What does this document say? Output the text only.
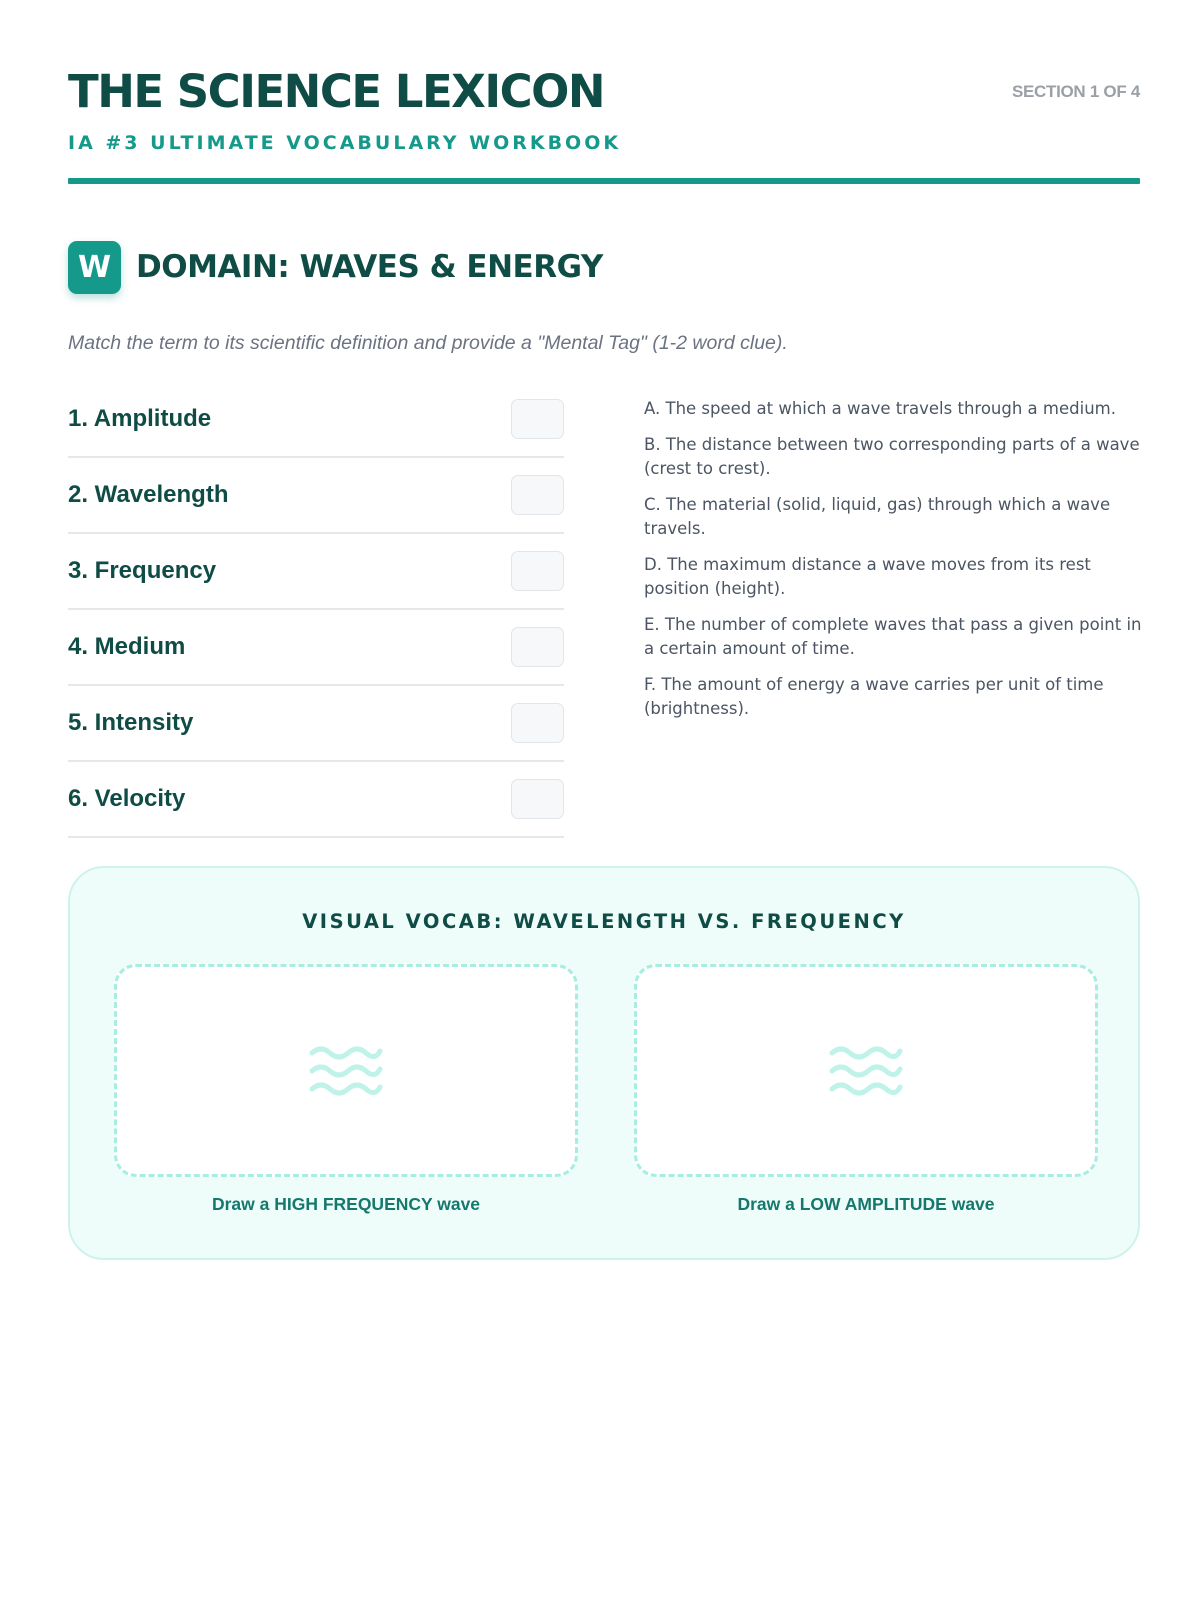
THE SCIENCE LEXICON
IA #3 ULTIMATE VOCABULARY WORKBOOK
SECTION 1 OF 4
W DOMAIN: WAVES & ENERGY
Match the term to its scientific definition and provide a "Mental Tag" (1-2 word clue).
1. Amplitude
2. Wavelength
3. Frequency
4. Medium
5. Intensity
6. Velocity

A. The speed at which a wave travels through a medium.

B. The distance between two corresponding parts of a wave (crest to crest).

C. The material (solid, liquid, gas) through which a wave travels.

D. The maximum distance a wave moves from its rest position (height).

E. The number of complete waves that pass a given point in a certain amount of time.

F. The amount of energy a wave carries per unit of time (brightness).

VISUAL VOCAB: WAVELENGTH VS. FREQUENCY
Draw a HIGH FREQUENCY wave	Draw a LOW AMPLITUDE wave
